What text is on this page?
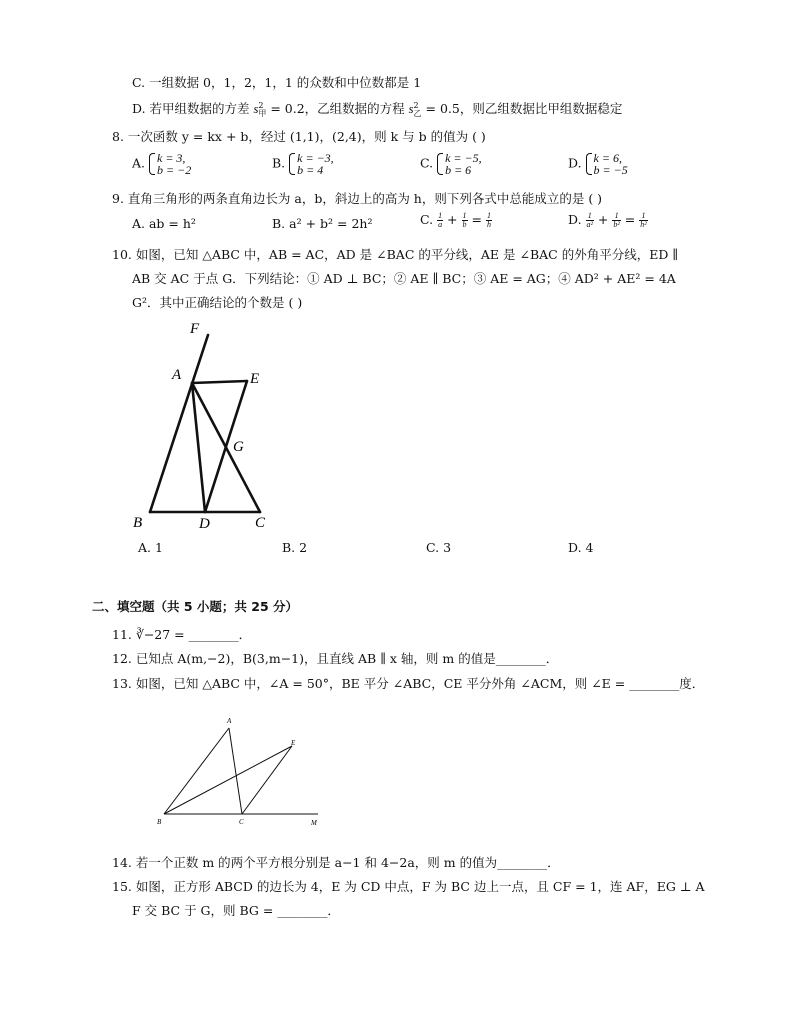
C. 一组数据 0，1，2，1，1 的众数和中位数都是 1
D. 若甲组数据的方差 s 2
甲 = 0.2，乙组数据的方程 s 2
乙 = 0.5，则乙组数据比甲组数据稳定
8. 一次函数 y = kx + b，经过 (1,1)，(2,4)，则 k 与 b 的值为 ( )
A. k = 3,
b = −2	B. k = −3,
b = 4	C. k = −5,
b = 6	D. k = 6,
b = −5
9. 直角三角形的两条直角边长为 a，b，斜边上的高为 h，则下列各式中总能成立的是 ( )
A. ab = h²	B. a² + b² = 2h²	C. $\frac{1}{a} + \frac{1}{b} = \frac{1}{h}$	D. $\frac{1}{\text{a²}} + \frac{1}{\text{b²}} = \frac{1}{\text{h²}}$
10. 如图，已知 △ABC 中，AB = AC，AD 是 ∠BAC 的平分线，AE 是 ∠BAC 的外角平分线，ED ∥
AB 交 AC 于点 G．下列结论：① AD ⊥ BC；② AE ∥ BC；③ AE = AG；④ AD² + AE² = 4A
G²．其中正确结论的个数是 ( )
F
A	E
G
B	D	C
A. 1	B. 2	C. 3	D. 4
二、填空题（共 5 小题；共 25 分）
11. ∛−27 = ________．
12. 已知点 A(m,−2)，B(3,m−1)，且直线 AB ∥ x 轴，则 m 的值是________．
13. 如图，已知 △ABC 中，∠A = 50°，BE 平分 ∠ABC，CE 平分外角 ∠ACM，则 ∠E = ________度．
A
E
B	C	M
14. 若一个正数 m 的两个平方根分别是 a−1 和 4−2a，则 m 的值为________．
15. 如图，正方形 ABCD 的边长为 4，E 为 CD 中点，F 为 BC 边上一点，且 CF = 1，连 AF，EG ⊥ A
F 交 BC 于 G，则 BG = ________．
